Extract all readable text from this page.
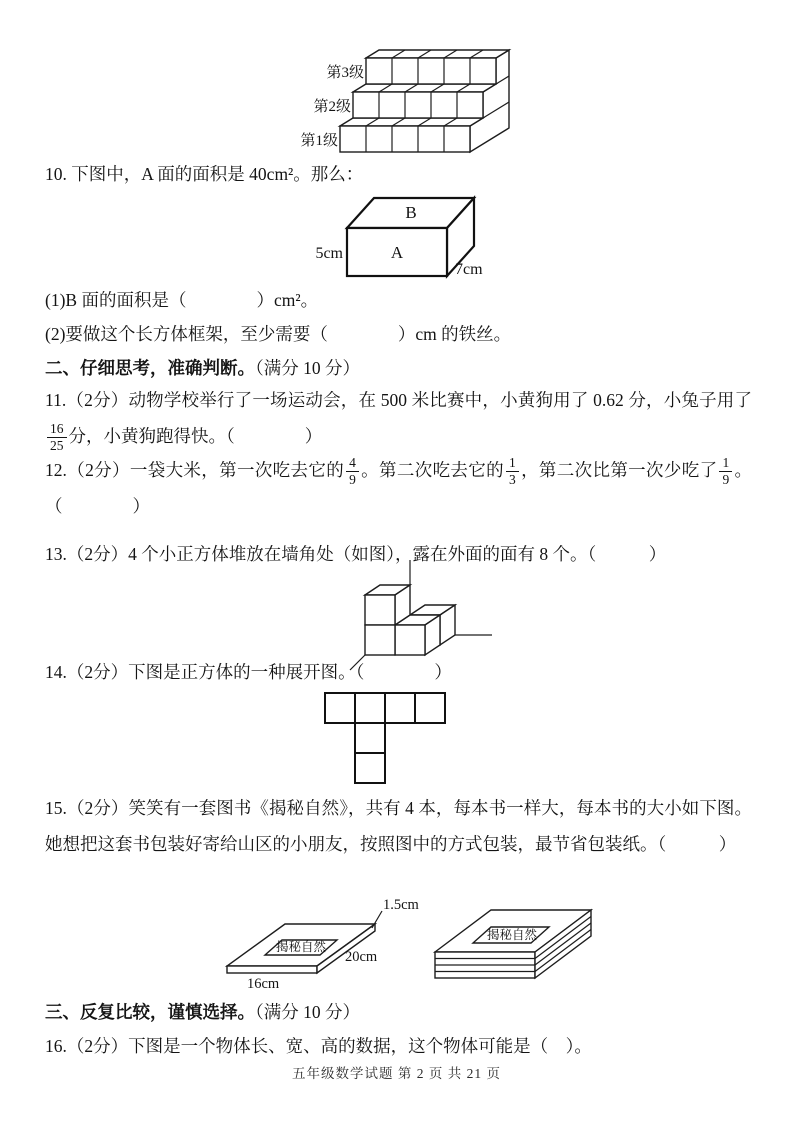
第3级
第2级
第1级
10. 下图中，A 面的面积是 40cm²。那么：
B
A
5cm
7cm
(1)B 面的面积是（　　　　）cm²。
(2)要做这个长方体框架，至少需要（　　　　）cm 的铁丝。
二、仔细思考，准确判断。（满分 10 分）
11.（2分）动物学校举行了一场运动会，在 500 米比赛中，小黄狗用了 0.62 分，小兔子用了
$\frac{16}{25}$ 分，小黄狗跑得快。（　　　　）
12.（2分）一袋大米，第一次吃去它的 $\frac{4}{9}$ 。第二次吃去它的 $\frac{1}{3}$ ，第二次比第一次少吃了 $\frac{1}{9}$ 。（　　　　）
13.（2分）4 个小正方体堆放在墙角处（如图），露在外面的面有 8 个。（　　　）
14.（2分）下图是正方体的一种展开图。（　　　　）
15.（2分）笑笑有一套图书《揭秘自然》，共有 4 本，每本书一样大，每本书的大小如下图。她想把这套书包装好寄给山区的小朋友，按照图中的方式包装，最节省包装纸。（　　　）
揭秘自然
1.5cm
20cm
16cm
揭秘自然
三、反复比较，谨慎选择。（满分 10 分）
16.（2分）下图是一个物体长、宽、高的数据，这个物体可能是（　）。
五年级数学试题 第 2 页 共 21 页
